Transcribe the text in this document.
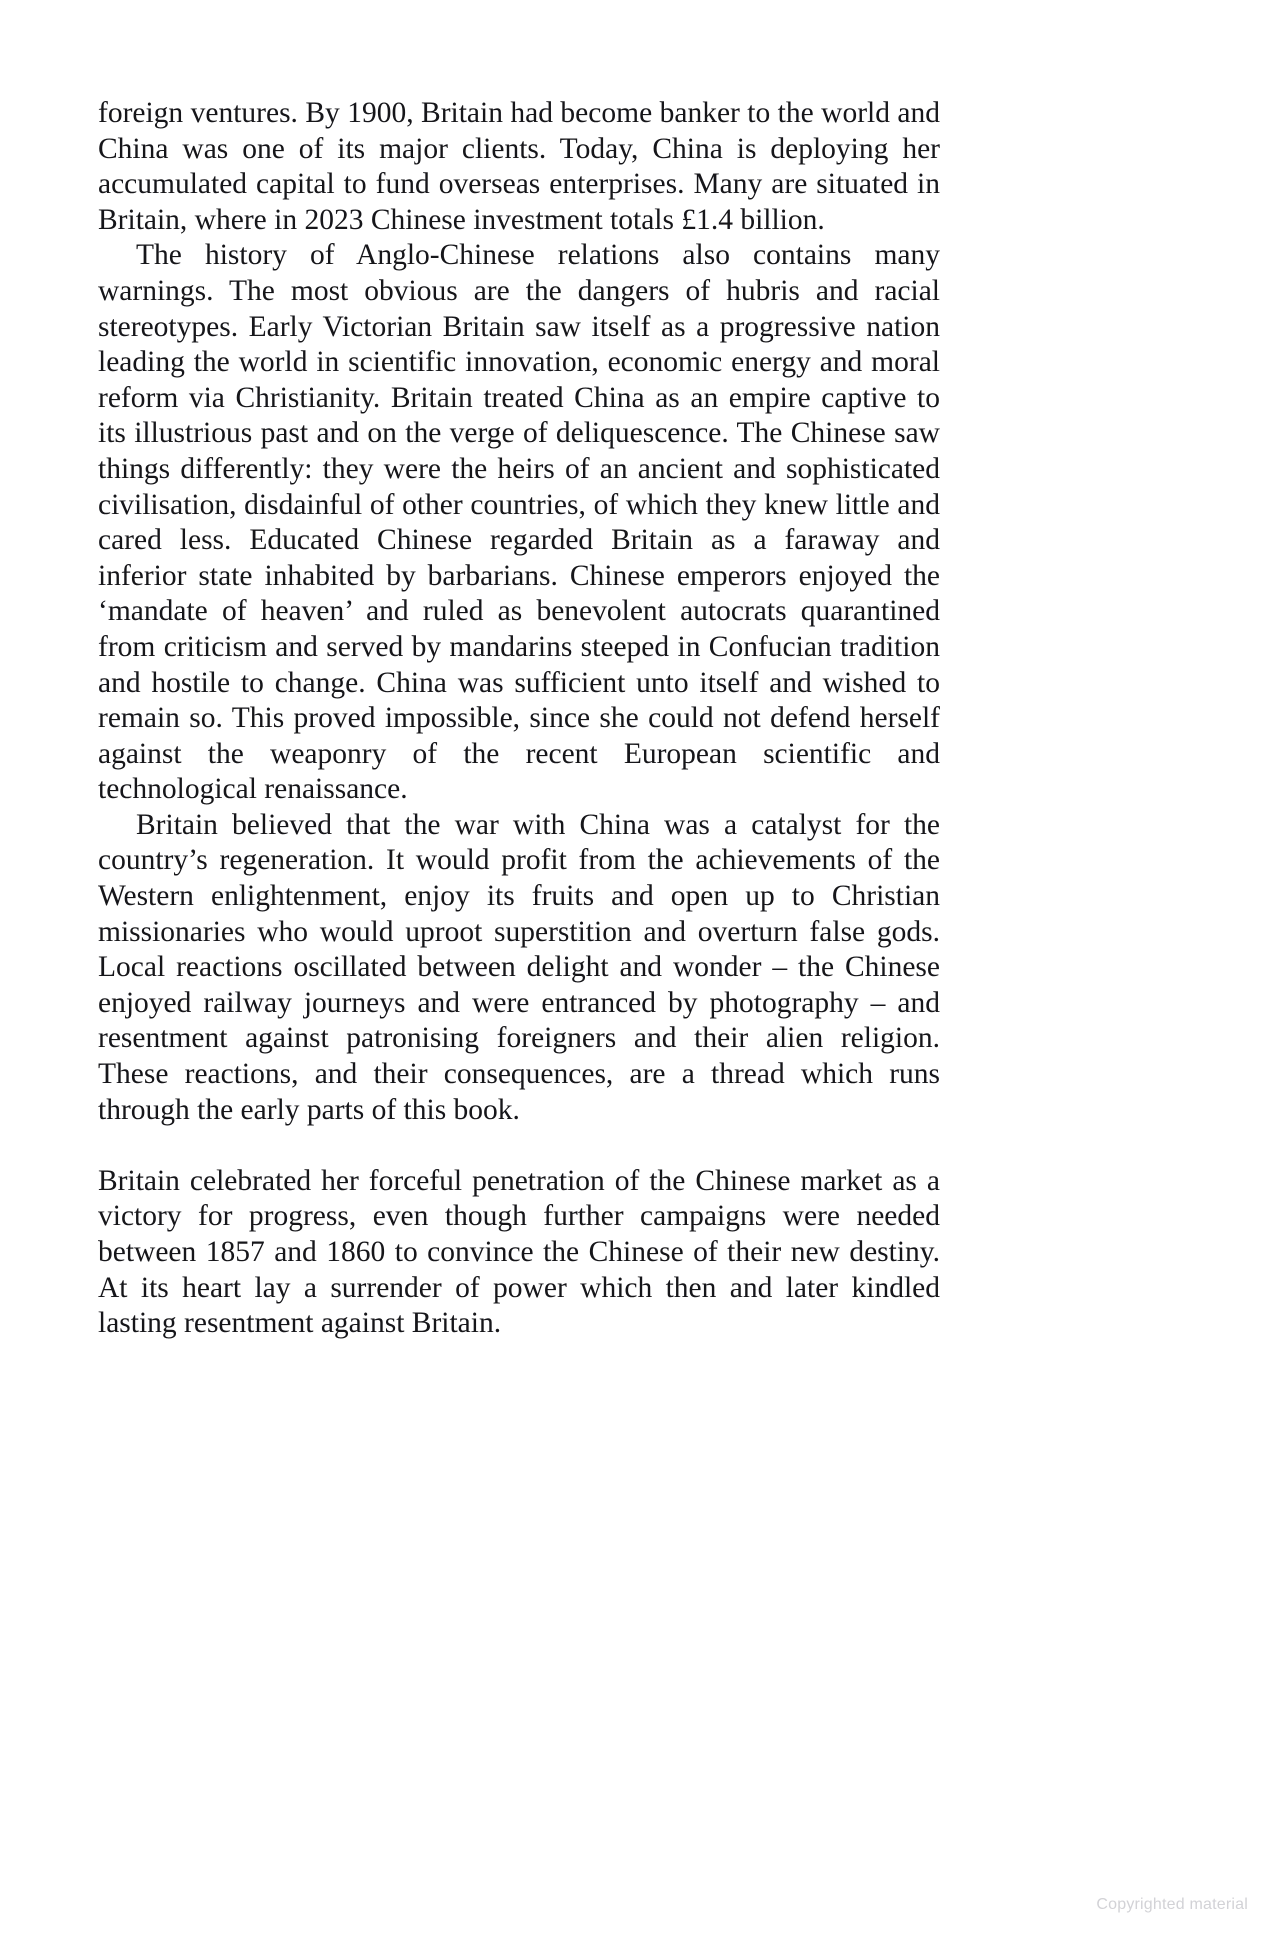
foreign ventures. By 1900, Britain had become banker to the world and China was one of its major clients. Today, China is deploying her accumulated capital to fund overseas enterprises. Many are situated in Britain, where in 2023 Chinese investment totals £1.4 billion.

The history of Anglo-Chinese relations also contains many warnings. The most obvious are the dangers of hubris and racial stereotypes. Early Victorian Britain saw itself as a progressive nation leading the world in scientific innovation, economic energy and moral reform via Christianity. Britain treated China as an empire captive to its illustrious past and on the verge of deliquescence. The Chinese saw things differently: they were the heirs of an ancient and sophisticated civilisation, disdainful of other countries, of which they knew little and cared less. Educated Chinese regarded Britain as a faraway and inferior state inhabited by barbarians. Chinese emperors enjoyed the ‘mandate of heaven’ and ruled as benevolent autocrats quarantined from criticism and served by mandarins steeped in Confucian tradition and hostile to change. China was sufficient unto itself and wished to remain so. This proved impossible, since she could not defend herself against the weaponry of the recent European scientific and technological renaissance.

Britain believed that the war with China was a catalyst for the country’s regeneration. It would profit from the achievements of the Western enlightenment, enjoy its fruits and open up to Christian missionaries who would uproot superstition and overturn false gods. Local reactions oscillated between delight and wonder – the Chinese enjoyed railway journeys and were entranced by photography – and resentment against patronising foreigners and their alien religion. These reactions, and their consequences, are a thread which runs through the early parts of this book.

Britain celebrated her forceful penetration of the Chinese market as a victory for progress, even though further campaigns were needed between 1857 and 1860 to convince the Chinese of their new destiny. At its heart lay a surrender of power which then and later kindled lasting resentment against Britain.

Copyrighted material
